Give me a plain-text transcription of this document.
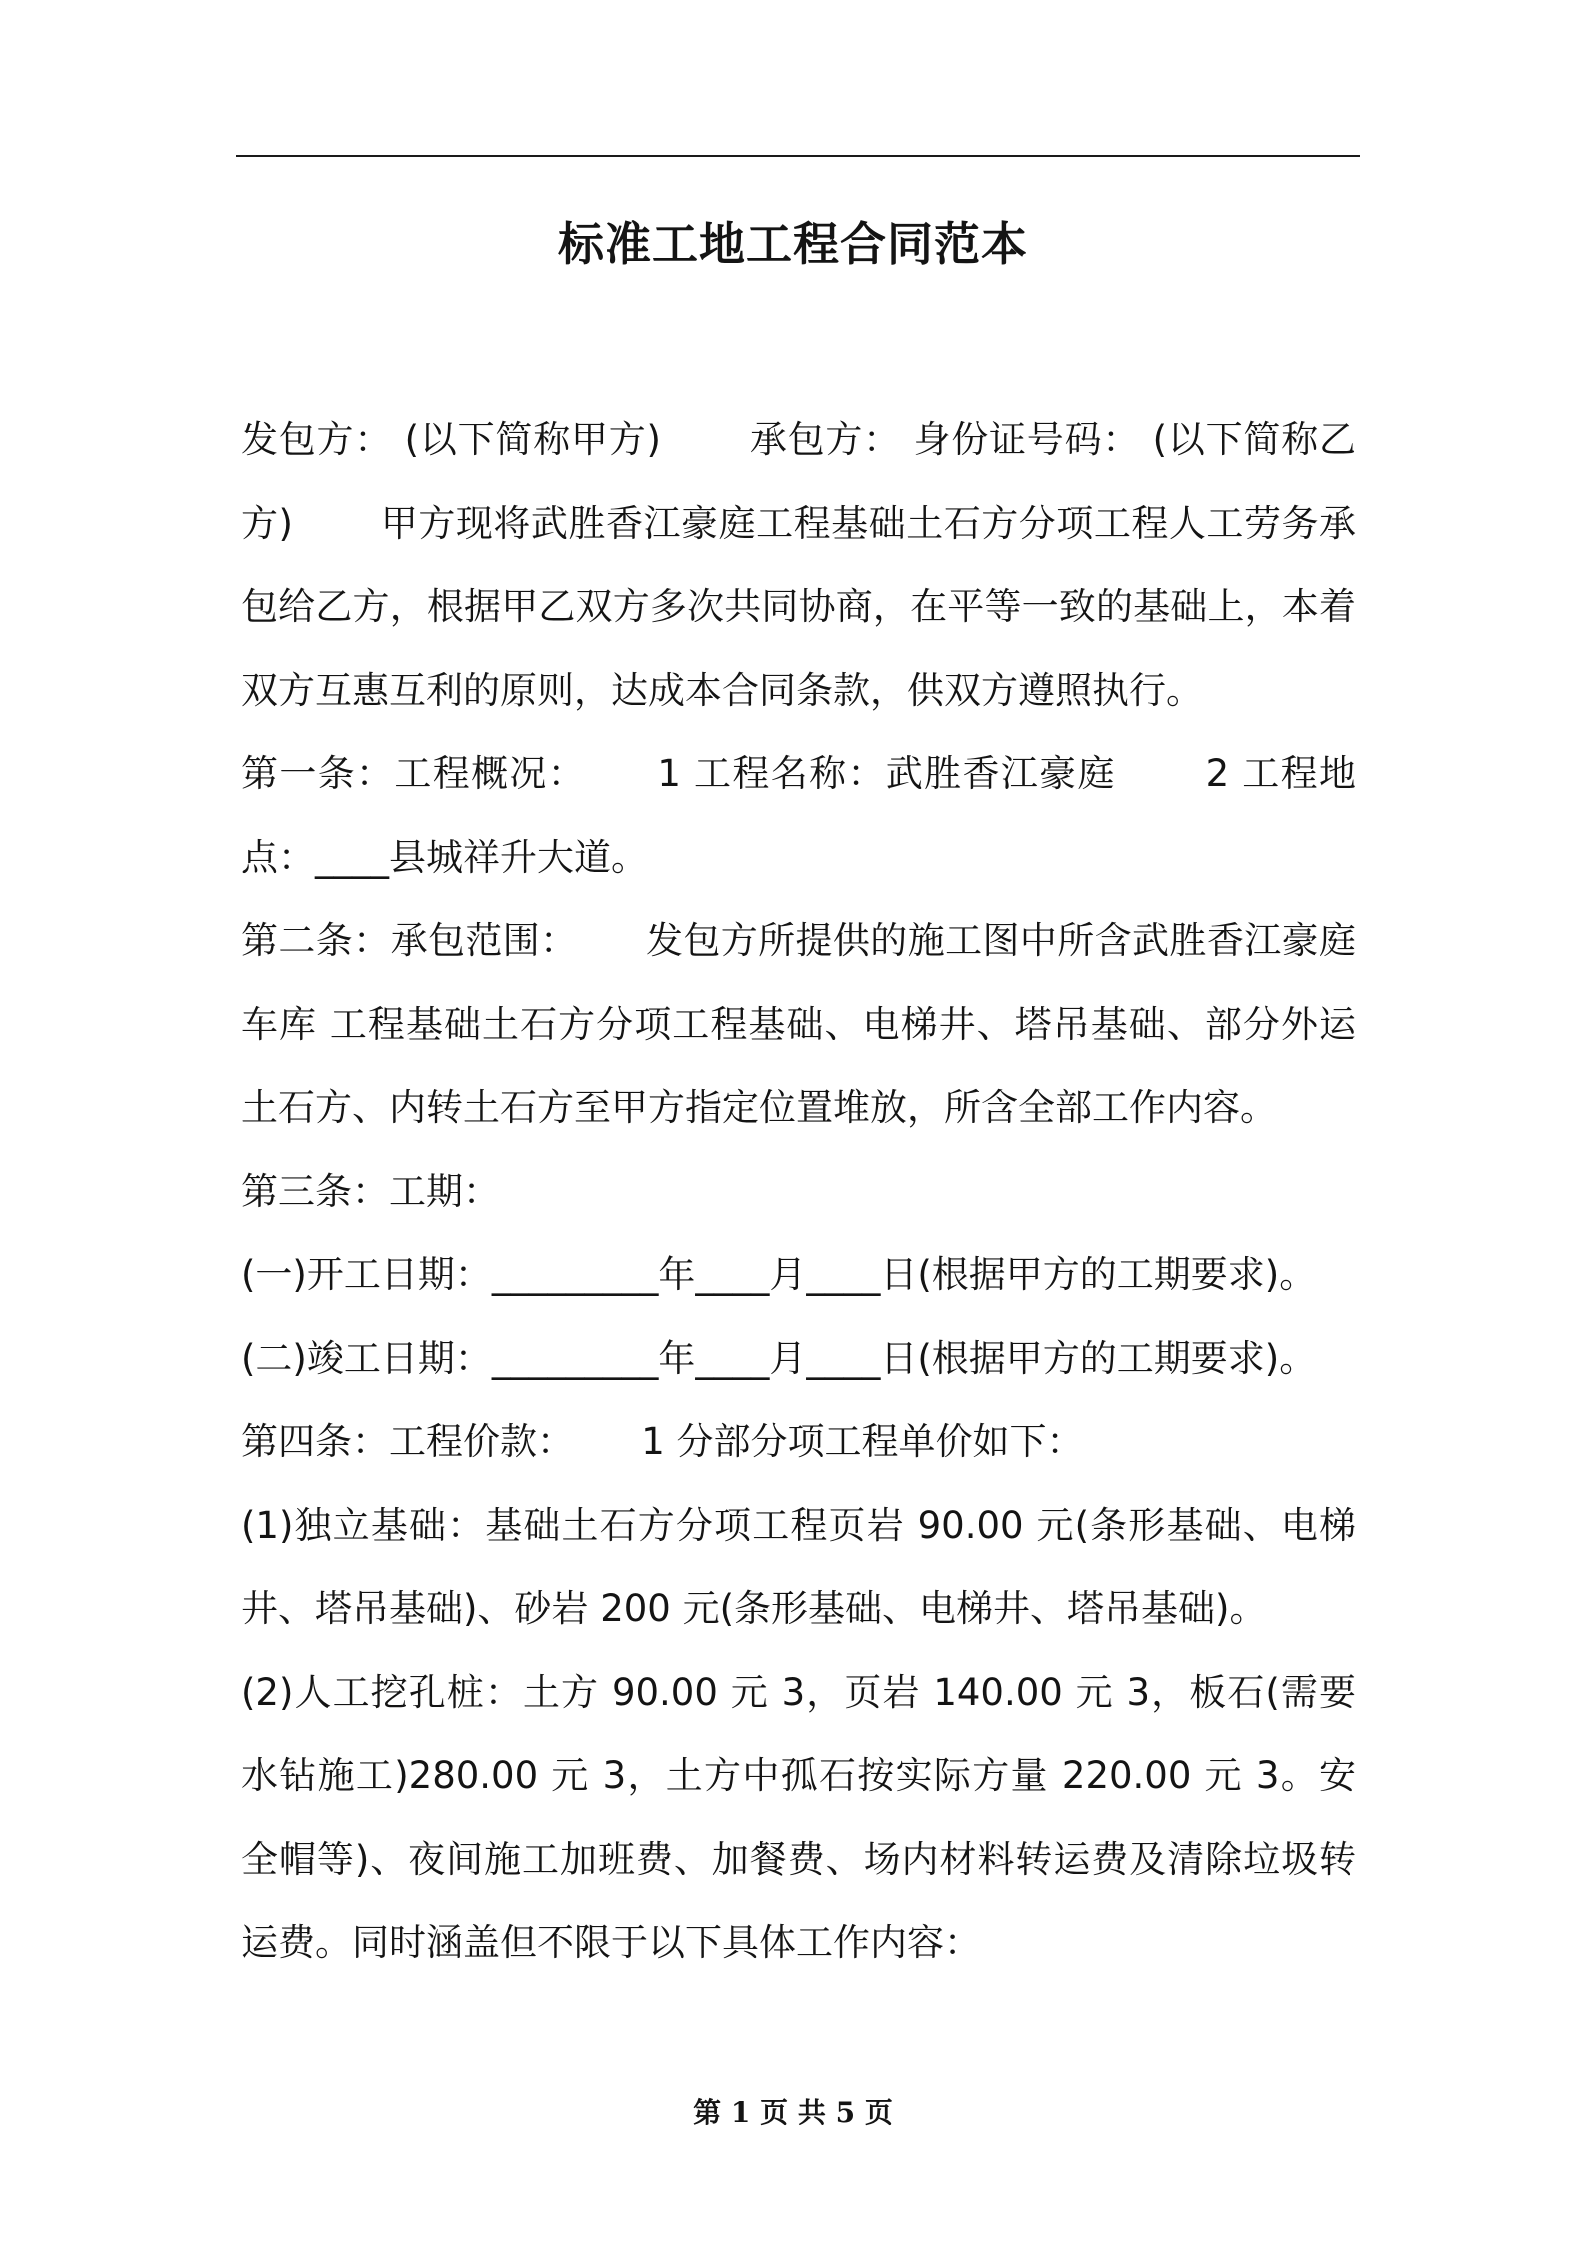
标准工地工程合同范本

发包方： (以下简称甲方)　　 承包方： 身份证号码： (以下简称乙方)　　 甲方现将武胜香江豪庭工程基础土石方分项工程人工劳务承包给乙方，根据甲乙双方多次共同协商，在平等一致的基础上，本着双方互惠互利的原则，达成本合同条款，供双方遵照执行。

第一条：工程概况：　　 1 工程名称：武胜香江豪庭　　 2 工程地点：____县城祥升大道。

第二条：承包范围：　　 发包方所提供的施工图中所含武胜香江豪庭车库 工程基础土石方分项工程基础、电梯井、塔吊基础、部分外运土石方、内转土石方至甲方指定位置堆放，所含全部工作内容。

第三条：工期：

(一)开工日期：_________年____月____日(根据甲方的工期要求)。

(二)竣工日期：_________年____月____日(根据甲方的工期要求)。

第四条：工程价款：　　 1 分部分项工程单价如下：

(1)独立基础：基础土石方分项工程页岩 90.00 元(条形基础、电梯井、塔吊基础)、砂岩 200 元(条形基础、电梯井、塔吊基础)。

(2)人工挖孔桩：土方 90.00 元 3，页岩 140.00 元 3，板石(需要水钻施工)280.00 元 3，土方中孤石按实际方量 220.00 元 3。安全帽等)、夜间施工加班费、加餐费、场内材料转运费及清除垃圾转运费。同时涵盖但不限于以下具体工作内容：

第 1 页 共 5 页
